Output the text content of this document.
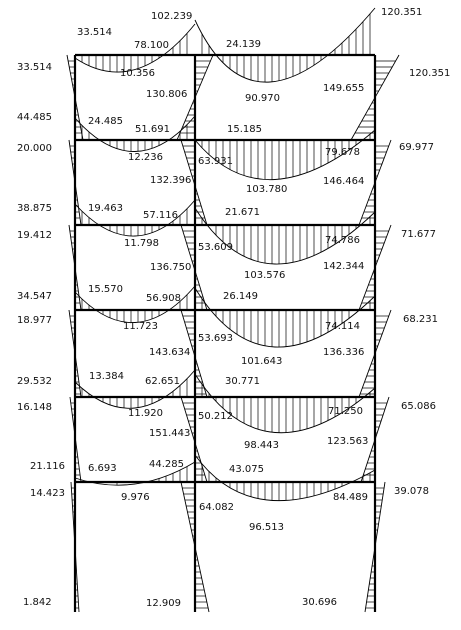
102.239	120.351
33.514
78.100	24.139
33.514
10.356	120.351
130.806	90.970
149.655
44.485	24.485
51.691	15.185
20.000
12.236	63.931
79.678	69.977
132.396
103.780
146.464
38.875	19.463
57.116	21.671
19.412
11.798	53.609
74.786
71.677
136.750
103.576
142.344
34.547
15.570
56.908	26.149
18.977
11.723
53.693
74.114
68.231
143.634
101.643
136.336
29.532	13.384 62.651	30.771
16.148
11.920	50.212	71.250	65.086
151.443
98.443	123.563
21.116 6.693	44.285	43.075
14.423	9.976
64.082
84.489
39.078
96.513
1.842	12.909	30.696
